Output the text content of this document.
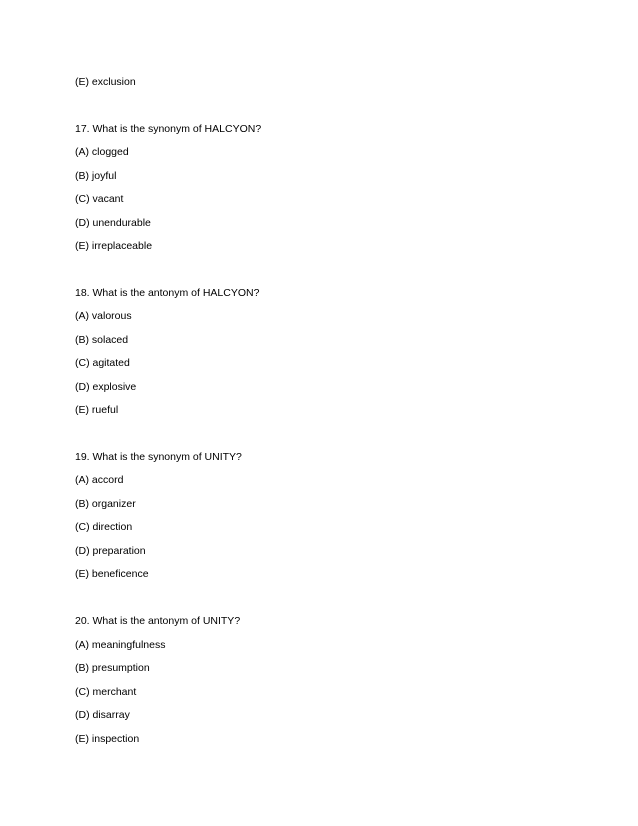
(E) exclusion
17. What is the synonym of HALCYON?
(A) clogged
(B) joyful
(C) vacant
(D) unendurable
(E) irreplaceable
18. What is the antonym of HALCYON?
(A) valorous
(B) solaced
(C) agitated
(D) explosive
(E) rueful
19. What is the synonym of UNITY?
(A) accord
(B) organizer
(C) direction
(D) preparation
(E) beneficence
20. What is the antonym of UNITY?
(A) meaningfulness
(B) presumption
(C) merchant
(D) disarray
(E) inspection
